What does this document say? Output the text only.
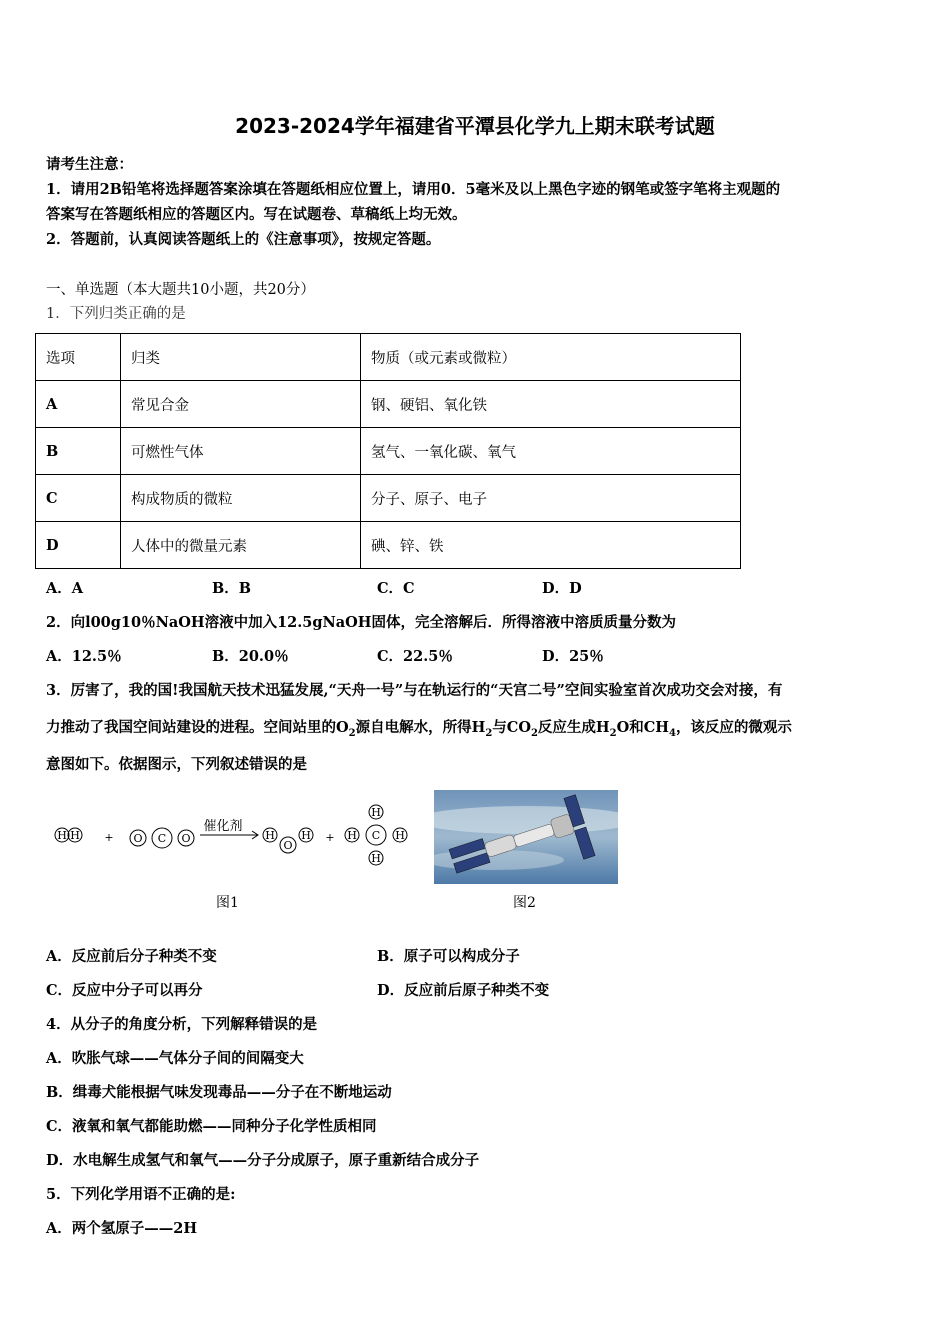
2023-2024学年福建省平潭县化学九上期末联考试题
请考生注意：
1．请用2B铅笔将选择题答案涂填在答题纸相应位置上，请用0．5毫米及以上黑色字迹的钢笔或签字笔将主观题的
答案写在答题纸相应的答题区内。写在试题卷、草稿纸上均无效。
2．答题前，认真阅读答题纸上的《注意事项》，按规定答题。
一、单选题（本大题共10小题，共20分）
1．下列归类正确的是
选项	归类	物质（或元素或微粒）
A	常见合金	钢、硬铝、氧化铁
B	可燃性气体	氢气、一氧化碳、氧气
C	构成物质的微粒	分子、原子、电子
D	人体中的微量元素	碘、锌、铁
A．A	B．B	C．C	D．D
2．向l00g10％NaOH溶液中加入12.5gNaOH固体，完全溶解后．所得溶液中溶质质量分数为
A．12.5％	B．20.0％	C．22.5％	D．25％
3．厉害了，我的国!我国航天技术迅猛发展,“天舟一号”与在轨运行的“天宫二号”空间实验室首次成功交会对接，有
力推动了我国空间站建设的进程。空间站里的$O_2$源自电解水，所得$H_2$与$CO_2$反应生成$H_2O$和$CH_4$，该反应的微观示
意图如下。依据图示，下列叙述错误的是
H H + O C O
催化剂
H
O
H + H C H
H
H
图1	图2
A．反应前后分子种类不变	B．原子可以构成分子
C．反应中分子可以再分	D．反应前后原子种类不变
4．从分子的角度分析，下列解释错误的是
A．吹胀气球——气体分子间的间隔变大
B．缉毒犬能根据气味发现毒品——分子在不断地运动
C．液氧和氧气都能助燃——同种分子化学性质相同
D．水电解生成氢气和氧气——分子分成原子，原子重新结合成分子
5．下列化学用语不正确的是:
A．两个氢原子——2H
